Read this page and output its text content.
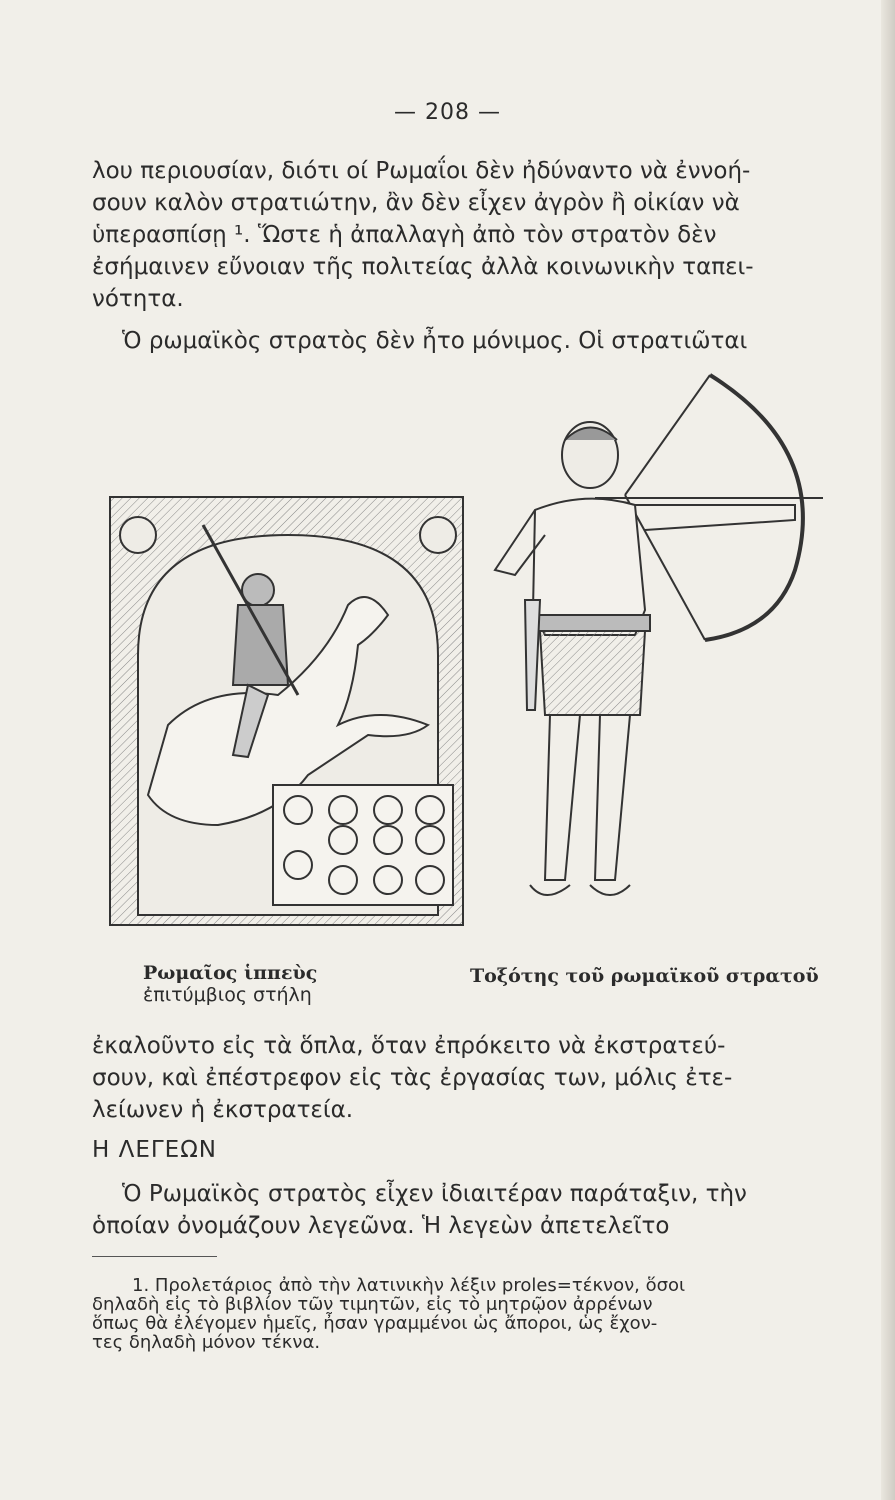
— 208 —
λου περιουσίαν, διότι οί Ρωμαΐοι δὲν ἠδύναντο νὰ ἐννοή-
σουν καλὸν στρατιώτην, ἂν δὲν εἶχεν ἀγρὸν ἢ οἰκίαν νὰ
ὑπερασπίσῃ ¹. Ὥστε ἡ ἀπαλλαγὴ ἀπὸ τὸν στρατὸν δὲν
ἐσήμαινεν εὔνοιαν τῆς πολιτείας ἀλλὰ κοινωνικὴν ταπει-
νότητα.
Ὁ ρωμαϊκὸς στρατὸς δὲν ἦτο μόνιμος. Οἱ στρατιῶται
Ρωμαῖος ἱππεὺς
ἐπιτύμβιος στήλη
Τοξότης τοῦ ρωμαϊκοῦ στρατοῦ
ἐκαλοῦντο εἰς τὰ ὅπλα, ὅταν ἐπρόκειτο νὰ ἐκστρατεύ-
σουν, καὶ ἐπέστρεφον εἰς τὰς ἐργασίας των, μόλις ἐτε-
λείωνεν ἡ ἐκστρατεία.
Η ΛΕΓΕΩΝ
Ὁ Ρωμαϊκὸς στρατὸς εἶχεν ἰδιαιτέραν παράταξιν, τὴν
ὁποίαν ὀνομάζουν λεγεῶνα. Ἡ λεγεὼν ἀπετελεῖτο
1. Προλετάριος ἀπὸ τὴν λατινικὴν λέξιν proles=τέκνον, ὅσοι
δηλαδὴ εἰς τὸ βιβλίον τῶν τιμητῶν, εἰς τὸ μητρῷον ἀρρένων
ὅπως θὰ ἐλέγομεν ἡμεῖς, ἦσαν γραμμένοι ὡς ἄποροι, ὡς ἔχον-
τες δηλαδὴ μόνον τέκνα.
